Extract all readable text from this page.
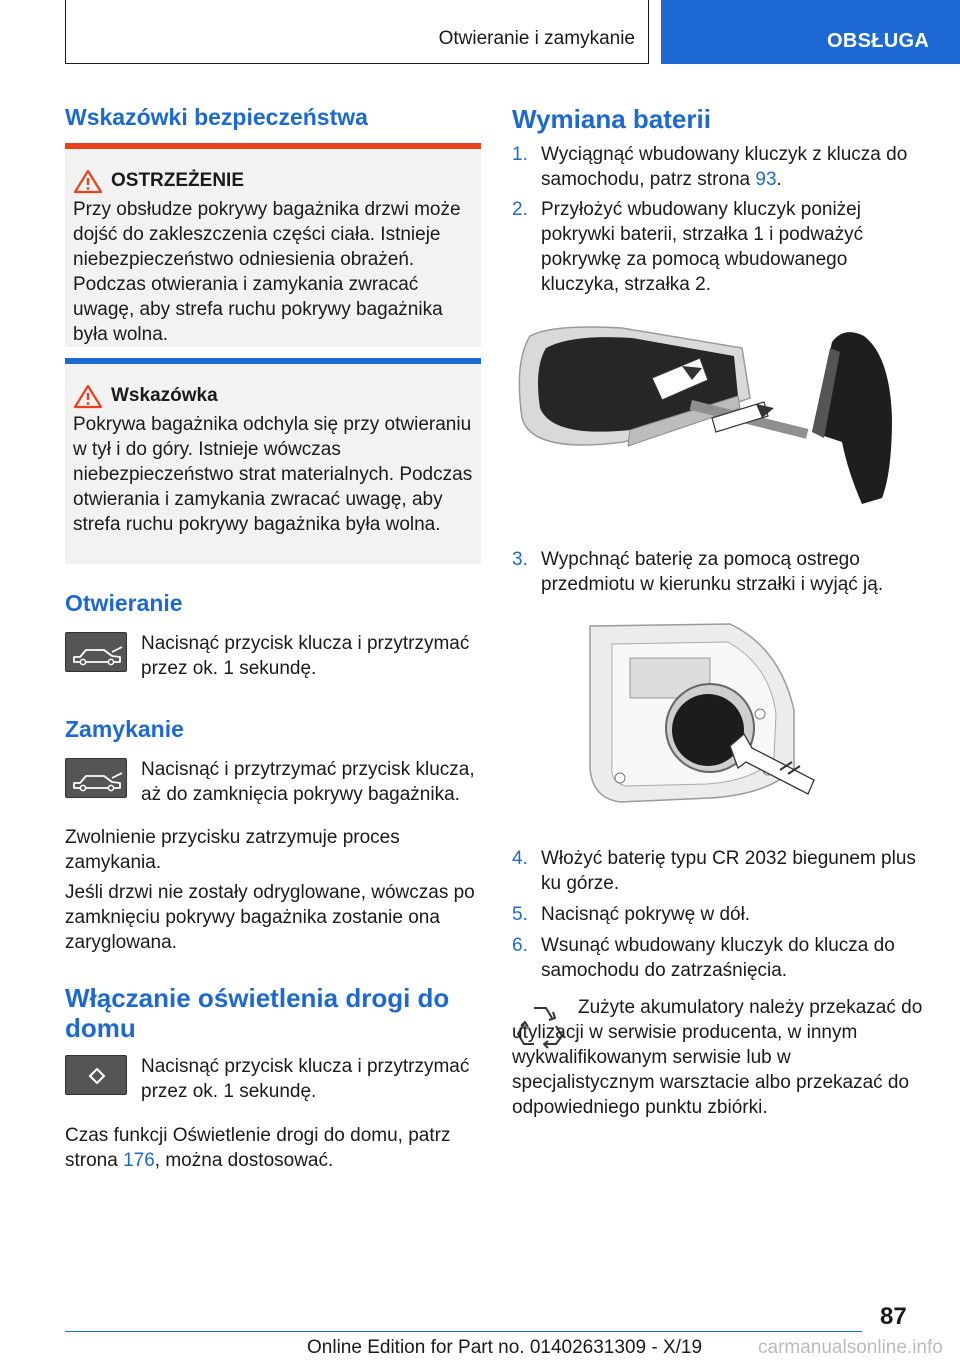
Otwieranie i zamykanie	OBSŁUGA
Wskazówki bezpieczeństwa
OSTRZEŻENIE

Przy obsłudze pokrywy bagażnika drzwi może dojść do zakleszczenia części ciała. Istnieje niebezpieczeństwo odniesienia obrażeń. Podczas otwierania i zamykania zwracać uwagę, aby strefa ruchu pokrywy bagażnika była wolna.

Wskazówka

Pokrywa bagażnika odchyla się przy otwieraniu w tył i do góry. Istnieje wówczas niebezpieczeństwo strat materialnych. Podczas otwierania i zamykania zwracać uwagę, aby strefa ruchu pokrywy bagażnika była wolna.

Otwieranie

Nacisnąć przycisk klucza i przytrzymać przez ok. 1 sekundę.

Zamykanie

Nacisnąć i przytrzymać przycisk klucza, aż do zamknięcia pokrywy bagażnika.

Zwolnienie przycisku zatrzymuje proces zamykania.

Jeśli drzwi nie zostały odryglowane, wówczas po zamknięciu pokrywy bagażnika zostanie ona zaryglowana.

Włączanie oświetlenia drogi do
domu

Nacisnąć przycisk klucza i przytrzymać przez ok. 1 sekundę.

Czas funkcji Oświetlenie drogi do domu, patrz strona 176, można dostosować.

Wymiana baterii
1. Wyciągnąć wbudowany kluczyk z klucza do samochodu, patrz strona 93.
2. Przyłożyć wbudowany kluczyk poniżej pokrywki baterii, strzałka 1 i podważyć pokrywkę za pomocą wbudowanego kluczyka, strzałka 2.
3. Wypchnąć baterię za pomocą ostrego przedmiotu w kierunku strzałki i wyjąć ją.
4. Włożyć baterię typu CR 2032 biegunem plus ku górze.
5. Nacisnąć pokrywę w dół.
6. Wsunąć wbudowany kluczyk do klucza do samochodu do zatrzaśnięcia.

Zużyte akumulatory należy przekazać do utylizacji w serwisie producenta, w innym wykwalifikowanym serwisie lub w specjalistycznym warsztacie albo przekazać do odpowiedniego punktu zbiórki.

87
Online Edition for Part no. 01402631309 - X/19	carmanualsonline.info
